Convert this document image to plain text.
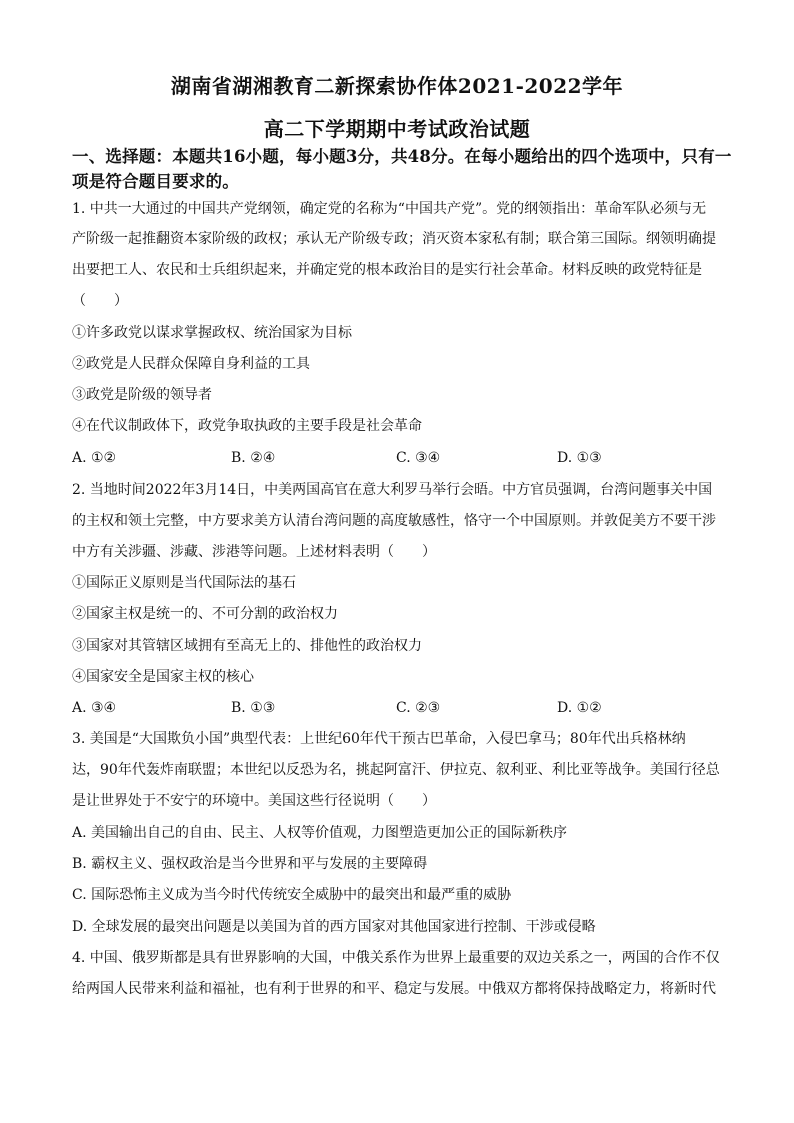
湖南省湖湘教育二新探索协作体2021-2022学年
高二下学期期中考试政治试题
一、选择题：本题共16小题，每小题3分，共48分。在每小题给出的四个选项中，只有一
项是符合题目要求的。
1. 中共一大通过的中国共产党纲领，确定党的名称为“中国共产党”。党的纲领指出：革命军队必须与无
产阶级一起推翻资本家阶级的政权；承认无产阶级专政；消灭资本家私有制；联合第三国际。纲领明确提
出要把工人、农民和士兵组织起来，并确定党的根本政治目的是实行社会革命。材料反映的政党特征是
（　　）
①许多政党以谋求掌握政权、统治国家为目标
②政党是人民群众保障自身利益的工具
③政党是阶级的领导者
④在代议制政体下，政党争取执政的主要手段是社会革命
A. ①②	B. ②④	C. ③④	D. ①③
2. 当地时间2022年3月14日，中美两国高官在意大利罗马举行会晤。中方官员强调，台湾问题事关中国
的主权和领土完整，中方要求美方认清台湾问题的高度敏感性，恪守一个中国原则。并敦促美方不要干涉
中方有关涉疆、涉藏、涉港等问题。上述材料表明（　　）
①国际正义原则是当代国际法的基石
②国家主权是统一的、不可分割的政治权力
③国家对其管辖区域拥有至高无上的、排他性的政治权力
④国家安全是国家主权的核心
A. ③④	B. ①③	C. ②③	D. ①②
3. 美国是“大国欺负小国”典型代表：上世纪60年代干预古巴革命，入侵巴拿马；80年代出兵格林纳
达，90年代轰炸南联盟；本世纪以反恐为名，挑起阿富汗、伊拉克、叙利亚、利比亚等战争。美国行径总
是让世界处于不安宁的环境中。美国这些行径说明（　　）
A. 美国输出自己的自由、民主、人权等价值观，力图塑造更加公正的国际新秩序
B. 霸权主义、强权政治是当今世界和平与发展的主要障碍
C. 国际恐怖主义成为当今时代传统安全威胁中的最突出和最严重的威胁
D. 全球发展的最突出问题是以美国为首的西方国家对其他国家进行控制、干涉或侵略
4. 中国、俄罗斯都是具有世界影响的大国，中俄关系作为世界上最重要的双边关系之一，两国的合作不仅
给两国人民带来利益和福祉，也有利于世界的和平、稳定与发展。中俄双方都将保持战略定力，将新时代
